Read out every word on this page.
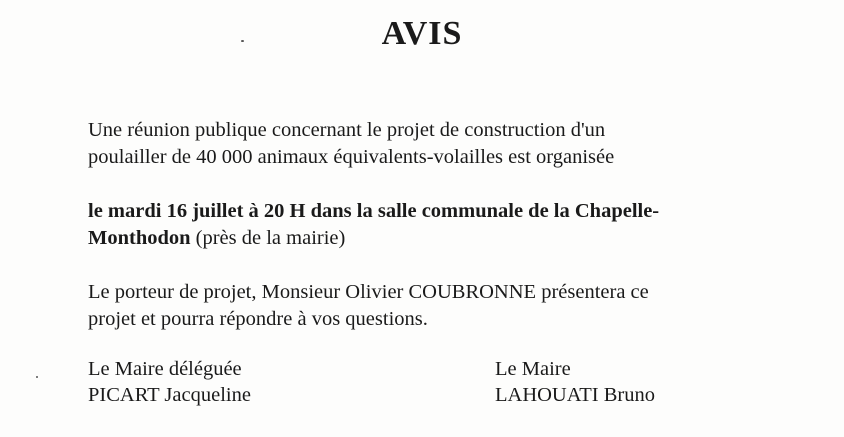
AVIS
Une réunion publique concernant le projet de construction d'un
poulailler de 40 000 animaux équivalents-volailles est organisée
le mardi 16 juillet à 20 H dans la salle communale de la Chapelle-
Monthodon (près de la mairie)
Le porteur de projet, Monsieur Olivier COUBRONNE présentera ce
projet et pourra répondre à vos questions.
Le Maire déléguée
PICART Jacqueline
Le Maire
LAHOUATI Bruno
